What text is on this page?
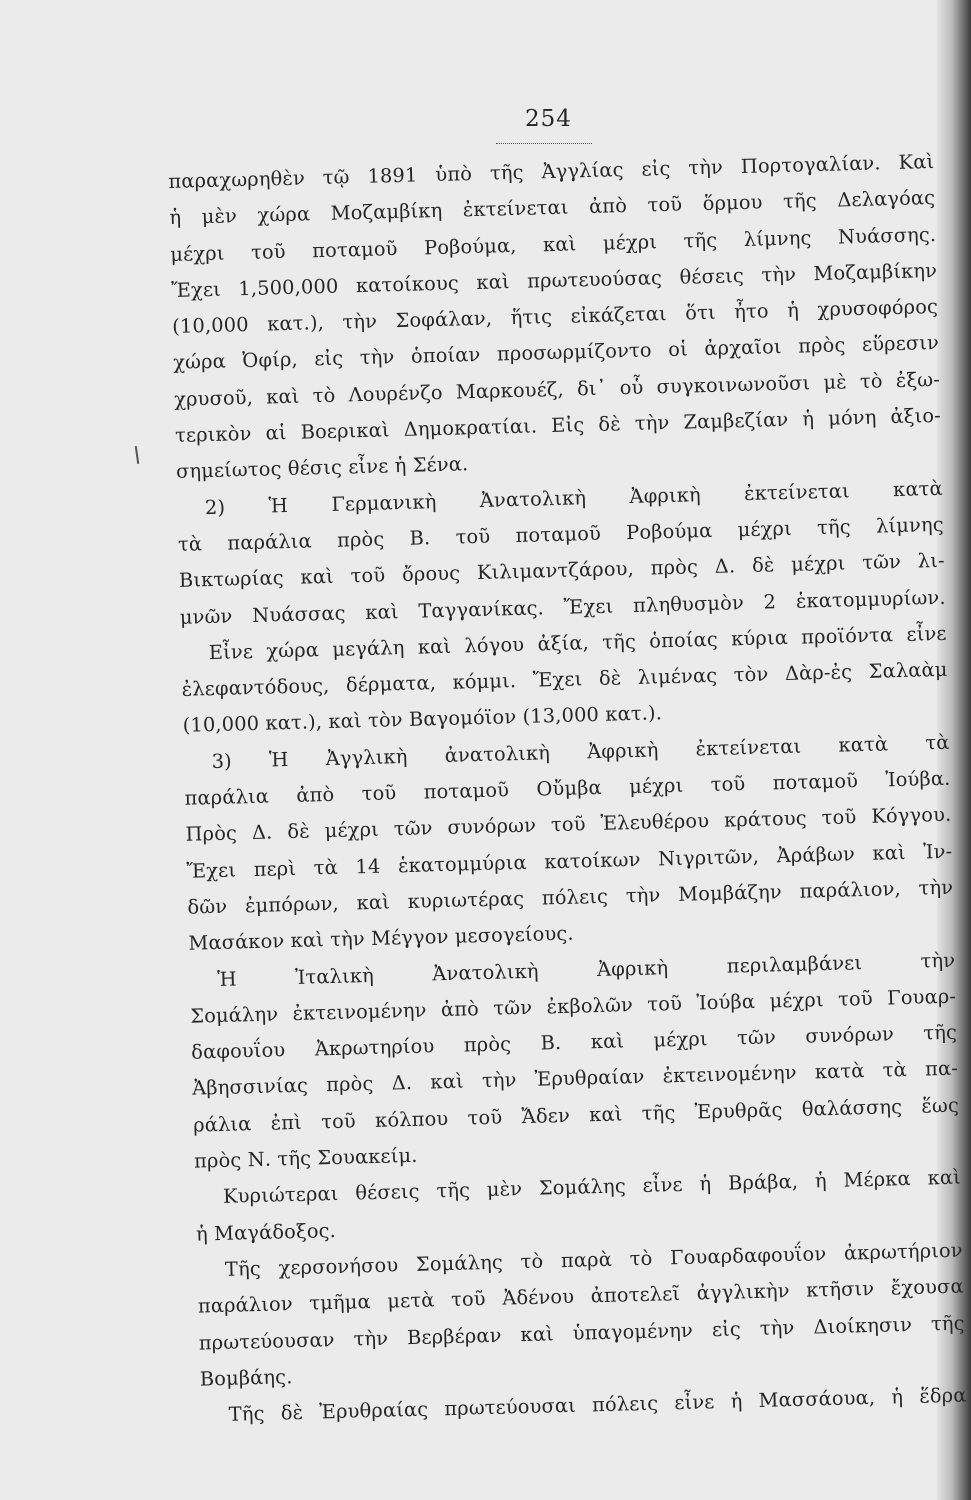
254
παραχωρηθὲν τῷ 1891 ὑπὸ τῆς Ἀγγλίας εἰς τὴν Πορτογαλίαν. Καὶ
ἡ μὲν χώρα Μοζαμβίκη ἐκτείνεται ἀπὸ τοῦ ὅρμου τῆς Δελαγόας
μέχρι τοῦ ποταμοῦ Ροβούμα, καὶ μέχρι τῆς λίμνης Νυάσσης.
Ἔχει 1,500,000 κατοίκους καὶ πρωτευούσας θέσεις τὴν Μοζαμβίκην
(10,000 κατ.), τὴν Σοφάλαν, ἥτις εἰκάζεται ὅτι ἦτο ἡ χρυσοφόρος
χώρα Ὀφίρ, εἰς τὴν ὁποίαν προσωρμίζοντο οἱ ἀρχαῖοι πρὸς εὕρεσιν
χρυσοῦ, καὶ τὸ Λουρένζο Μαρκουέζ, δι᾽ οὗ συγκοινωνοῦσι μὲ τὸ ἐξω-
τερικὸν αἱ Βοερικαὶ Δημοκρατίαι. Εἰς δὲ τὴν Ζαμβεζίαν ἡ μόνη ἀξιο-
σημείωτος θέσις εἶνε ἡ Σένα.
2) Ἡ Γερμανικὴ Ἀνατολικὴ Ἀφρικὴ ἐκτείνεται κατὰ
τὰ παράλια πρὸς Β. τοῦ ποταμοῦ Ροβούμα μέχρι τῆς λίμνης
Βικτωρίας καὶ τοῦ ὄρους Κιλιμαντζάρου, πρὸς Δ. δὲ μέχρι τῶν λι-
μνῶν Νυάσσας καὶ Ταγγανίκας. Ἔχει πληθυσμὸν 2 ἑκατομμυρίων.
Εἶνε χώρα μεγάλη καὶ λόγου ἀξία, τῆς ὁποίας κύρια προϊόντα εἶνε
ἐλεφαντόδους, δέρματα, κόμμι. Ἔχει δὲ λιμένας τὸν Δὰρ-ἐς Σαλαὰμ
(10,000 κατ.), καὶ τὸν Βαγομόϊον (13,000 κατ.).
3) Ἡ Ἀγγλικὴ ἀνατολικὴ Ἀφρικὴ ἐκτείνεται κατὰ τὰ
παράλια ἀπὸ τοῦ ποταμοῦ Οὔμβα μέχρι τοῦ ποταμοῦ Ἰούβα.
Πρὸς Δ. δὲ μέχρι τῶν συνόρων τοῦ Ἐλευθέρου κράτους τοῦ Κόγγου.
Ἔχει περὶ τὰ 14 ἑκατομμύρια κατοίκων Νιγριτῶν, Ἀράβων καὶ Ἰν-
δῶν ἐμπόρων, καὶ κυριωτέρας πόλεις τὴν Μομβάζην παράλιον, τὴν
Μασάκον καὶ τὴν Μέγγον μεσογείους.
Ἡ Ἰταλικὴ Ἀνατολικὴ Ἀφρικὴ περιλαμβάνει τὴν
Σομάλην ἐκτεινομένην ἀπὸ τῶν ἐκβολῶν τοῦ Ἰούβα μέχρι τοῦ Γουαρ-
δαφουΐου Ἀκρωτηρίου πρὸς Β. καὶ μέχρι τῶν συνόρων τῆς
Ἀβησσινίας πρὸς Δ. καὶ τὴν Ἐρυθραίαν ἐκτεινομένην κατὰ τὰ πα-
ράλια ἐπὶ τοῦ κόλπου τοῦ Ἄδεν καὶ τῆς Ἐρυθρᾶς θαλάσσης ἕως
πρὸς Ν. τῆς Σουακείμ.
Κυριώτεραι θέσεις τῆς μὲν Σομάλης εἶνε ἡ Βράβα, ἡ Μέρκα καὶ
ἡ Μαγάδοξος.
Τῆς χερσονήσου Σομάλης τὸ παρὰ τὸ Γουαρδαφουΐον ἀκρωτήριον
παράλιον τμῆμα μετὰ τοῦ Ἀδένου ἀποτελεῖ ἀγγλικὴν κτῆσιν ἔχουσα
πρωτεύουσαν τὴν Βερβέραν καὶ ὑπαγομένην εἰς τὴν Διοίκησιν τῆς
Βομβάης.
Τῆς δὲ Ἐρυθραίας πρωτεύουσαι πόλεις εἶνε ἡ Μασσάουα, ἡ ἕδρα
